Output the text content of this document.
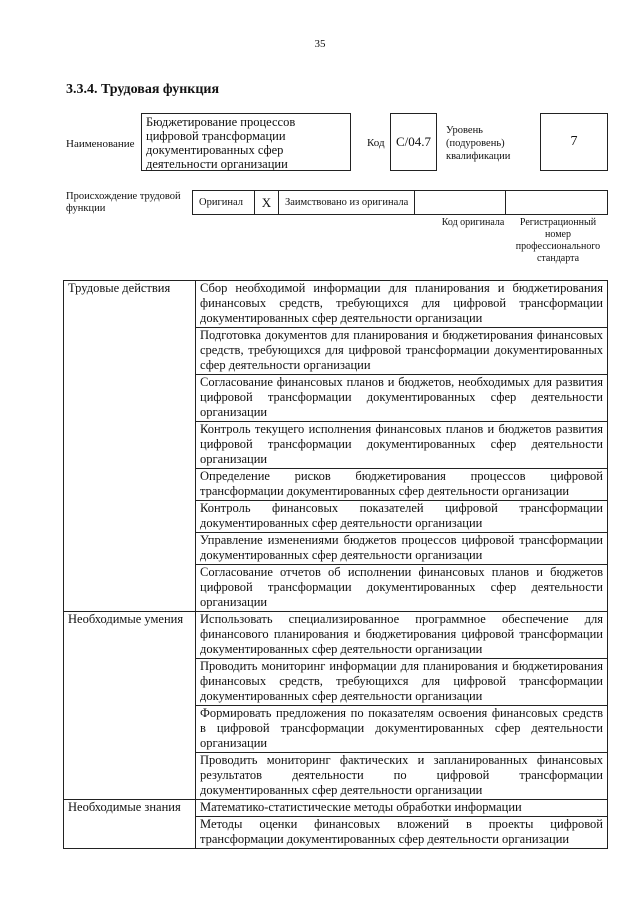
35
3.3.4. Трудовая функция
Наименование
Бюджетирование процессов цифровой трансформации документированных сфер деятельности организации
Код C/04.7
Уровень (подуровень) квалификации
7
Происхождение трудовой функции
Оригинал	X	Заимствовано из оригинала
Код оригинала	Регистрационный номер профессионального стандарта
Трудовые действия	Сбор необходимой информации для планирования и бюджетирования финансовых средств, требующихся для цифровой трансформации документированных сфер деятельности организации
	Подготовка документов для планирования и бюджетирования финансовых средств, требующихся для цифровой трансформации документированных сфер деятельности организации
	Согласование финансовых планов и бюджетов, необходимых для развития цифровой трансформации документированных сфер деятельности организации
	Контроль текущего исполнения финансовых планов и бюджетов развития цифровой трансформации документированных сфер деятельности организации
	Определение рисков бюджетирования процессов цифровой трансформации документированных сфер деятельности организации
	Контроль финансовых показателей цифровой трансформации документированных сфер деятельности организации
	Управление изменениями бюджетов процессов цифровой трансформации документированных сфер деятельности организации
	Согласование отчетов об исполнении финансовых планов и бюджетов цифровой трансформации документированных сфер деятельности организации
Необходимые умения	Использовать специализированное программное обеспечение для финансового планирования и бюджетирования цифровой трансформации документированных сфер деятельности организации
	Проводить мониторинг информации для планирования и бюджетирования финансовых средств, требующихся для цифровой трансформации документированных сфер деятельности организации
	Формировать предложения по показателям освоения финансовых средств в цифровой трансформации документированных сфер деятельности организации
	Проводить мониторинг фактических и запланированных финансовых результатов деятельности по цифровой трансформации документированных сфер деятельности организации
Необходимые знания	Математико-статистические методы обработки информации
	Методы оценки финансовых вложений в проекты цифровой трансформации документированных сфер деятельности организации
